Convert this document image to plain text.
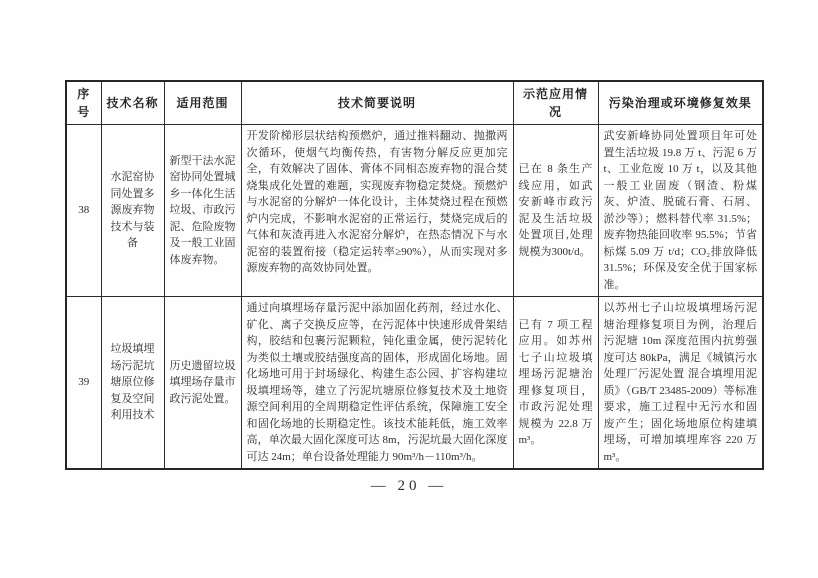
序号	技术名称	适用范围	技术简要说明	示范应用情况	污染治理或环境修复效果
38	水泥窑协同处置多源废弃物技术与装备	新型干法水泥窑协同处置城乡一体化生活垃圾、市政污泥、危险废物及一般工业固体废弃物。	开发阶梯形层状结构预燃炉，通过推料翻动、抛撒两次循环，使烟气均衡传热，有害物分解反应更加完全，有效解决了固体、膏体不同相态废弃物的混合焚烧集成化处置的难题，实现废弃物稳定焚烧。预燃炉与水泥窑的分解炉一体化设计，主体焚烧过程在预燃炉内完成，不影响水泥窑的正常运行，焚烧完成后的气体和灰渣再进入水泥窑分解炉，在热态情况下与水泥窑的装置衔接（稳定运转率≥90%），从而实现对多源废弃物的高效协同处置。	已在 8 条生产线应用，如武安新峰市政污泥及生活垃圾处置项目,处理规模为300t/d。	武安新峰协同处置项目年可处置生活垃圾 19.8 万 t、污泥 6 万 t、工业危废 10 万 t，以及其他一般工业固废（钢渣、粉煤灰、炉渣、脱硫石膏、石屑、淤沙等）；燃料替代率 31.5%；废弃物热能回收率 95.5%；节省标煤 5.09 万 t/d；CO₂排放降低 31.5%；环保及安全优于国家标准。
39	垃圾填埋场污泥坑塘原位修复及空间利用技术	历史遗留垃圾填埋场存量市政污泥处置。	通过向填埋场存量污泥中添加固化药剂，经过水化、矿化、离子交换反应等，在污泥体中快速形成骨架结构，胶结和包裹污泥颗粒，钝化重金属，使污泥转化为类似土壤或胶结强度高的固体，形成固化场地。固化场地可用于封场绿化、构建生态公园、扩容构建垃圾填埋场等，建立了污泥坑塘原位修复技术及土地资源空间利用的全周期稳定性评估系统，保障施工安全和固化场地的长期稳定性。该技术能耗低，施工效率高，单次最大固化深度可达 8m，污泥坑最大固化深度可达 24m；单台设备处理能力 90m³/h－110m³/h。	已有 7 项工程应用。如苏州七子山垃圾填埋场污泥塘治理修复项目，市政污泥处理规模为 22.8 万 m³。	以苏州七子山垃圾填埋场污泥塘治理修复项目为例，治理后污泥塘 10m 深度范围内抗剪强度可达 80kPa，满足《城镇污水处理厂污泥处置 混合填埋用泥质》（GB/T 23485-2009）等标准要求，施工过程中无污水和固废产生；固化场地原位构建填埋场，可增加填埋库容 220 万 m³。
— 20 —
